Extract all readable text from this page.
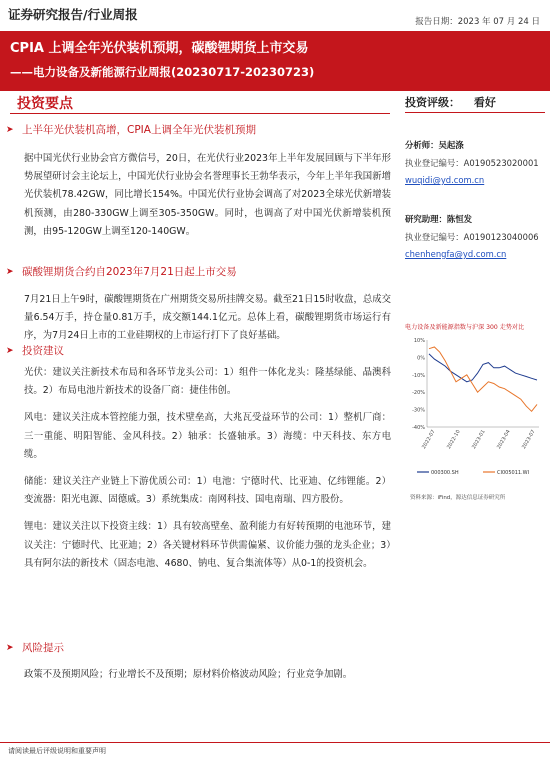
证券研究报告/行业周报	报告日期：2023 年 07 月 24 日
CPIA 上调全年光伏装机预期，碳酸锂期货上市交易
——电力设备及新能源行业周报(20230717-20230723)
投资要点
➤ 上半年光伏装机高增，CPIA上调全年光伏装机预期

据中国光伏行业协会官方微信号，20日，在光伏行业2023年上半年发展回顾与下半年形势展望研讨会主论坛上，中国光伏行业协会名誉理事长王勃华表示，今年上半年我国新增光伏装机78.42GW，同比增长154%。中国光伏行业协会调高了对2023全球光伏新增装机预测，由280-330GW上调至305-350GW。同时，也调高了对中国光伏新增装机预测，由95-120GW上调至120-140GW。

➤ 碳酸锂期货合约自2023年7月21日起上市交易

7月21日上午9时，碳酸锂期货在广州期货交易所挂牌交易。截至21日15时收盘，总成交量6.54万手，持仓量0.81万手，成交额144.1亿元。总体上看，碳酸锂期货市场运行有序，为7月24日上市的工业硅期权的上市运行打下了良好基础。

➤ 投资建议

光伏：建议关注新技术布局和各环节龙头公司：1）组件一体化龙头：隆基绿能、晶澳科技。2）布局电池片新技术的设备厂商：捷佳伟创。

风电：建议关注成本管控能力强，技术壁垒高，大兆瓦受益环节的公司：1）整机厂商：三一重能、明阳智能、金风科技。2）轴承：长盛轴承。3）海缆：中天科技、东方电缆。

储能：建议关注产业链上下游优质公司：1）电池：宁德时代、比亚迪、亿纬锂能。2）变流器：阳光电源、固德威。3）系统集成：南网科技、国电南瑞、四方股份。

锂电：建议关注以下投资主线：1）具有较高壁垒、盈利能力有好转预期的电池环节，建议关注：宁德时代、比亚迪；2）各关键材料环节供需偏紧、议价能力强的龙头企业；3）具有阿尔法的新技术（固态电池、4680、钠电、复合集流体等）从0-1的投资机会。

➤ 风险提示

政策不及预期风险；行业增长不及预期；原材料价格波动风险；行业竞争加剧。

投资评级： 看好
分析师：吴起涤
执业登记编号：A0190523020001
wuqidi@yd.com.cn
研究助理：陈恒发
执业登记编号：A0190123040006
chenhengfa@yd.com.cn
电力设备及新能源指数与沪深 300 走势对比
10%
0%
-10%
-20%
-30%
-40%
2022-07 2022-10 2023-01 2023-04 2023-07
000300.SH	CI005011.WI
资料来源：iFind，源达信息证券研究所
请阅读最后评级说明和重要声明
